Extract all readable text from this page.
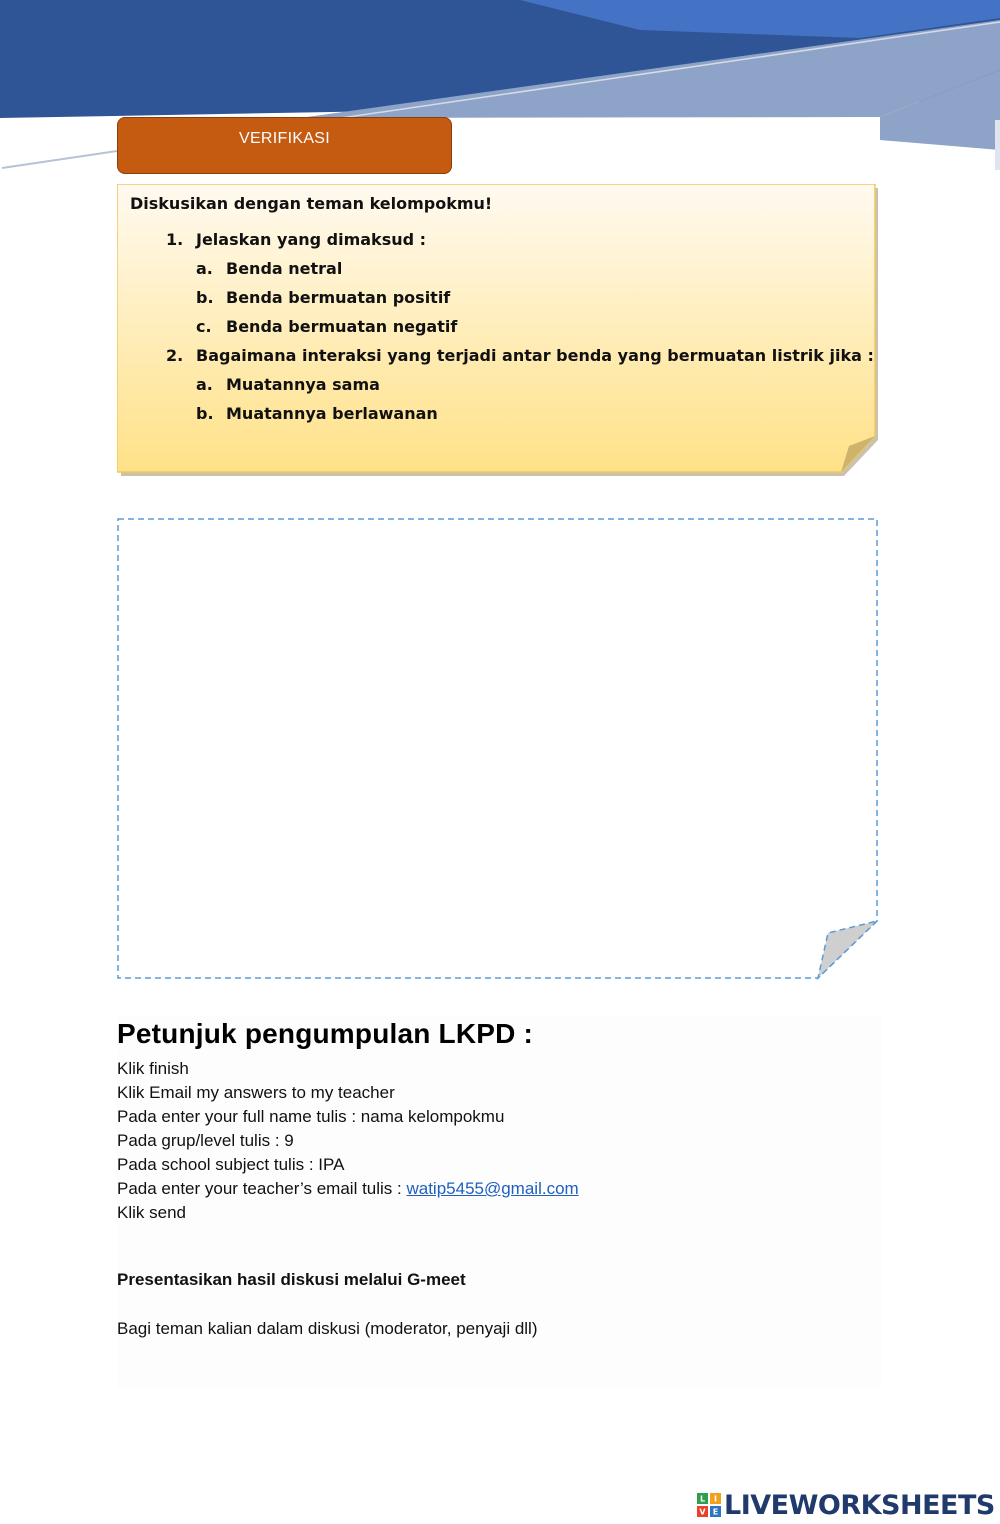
VERIFIKASI
Diskusikan dengan teman kelompokmu!
1. Jelaskan yang dimaksud :
a. Benda netral
b. Benda bermuatan positif
c. Benda bermuatan negatif
2. Bagaimana interaksi yang terjadi antar benda yang bermuatan listrik jika :
a. Muatannya sama
b. Muatannya berlawanan
Petunjuk pengumpulan LKPD :
Klik finish
Klik Email my answers to my teacher
Pada enter your full name tulis : nama kelompokmu
Pada grup/level tulis : 9
Pada school subject tulis : IPA
Pada enter your teacher’s email tulis : watip5455@gmail.com
Klik send
Presentasikan hasil diskusi melalui G-meet
Bagi teman kalian dalam diskusi (moderator, penyaji dll)
L I
V E LIVEWORKSHEETS
